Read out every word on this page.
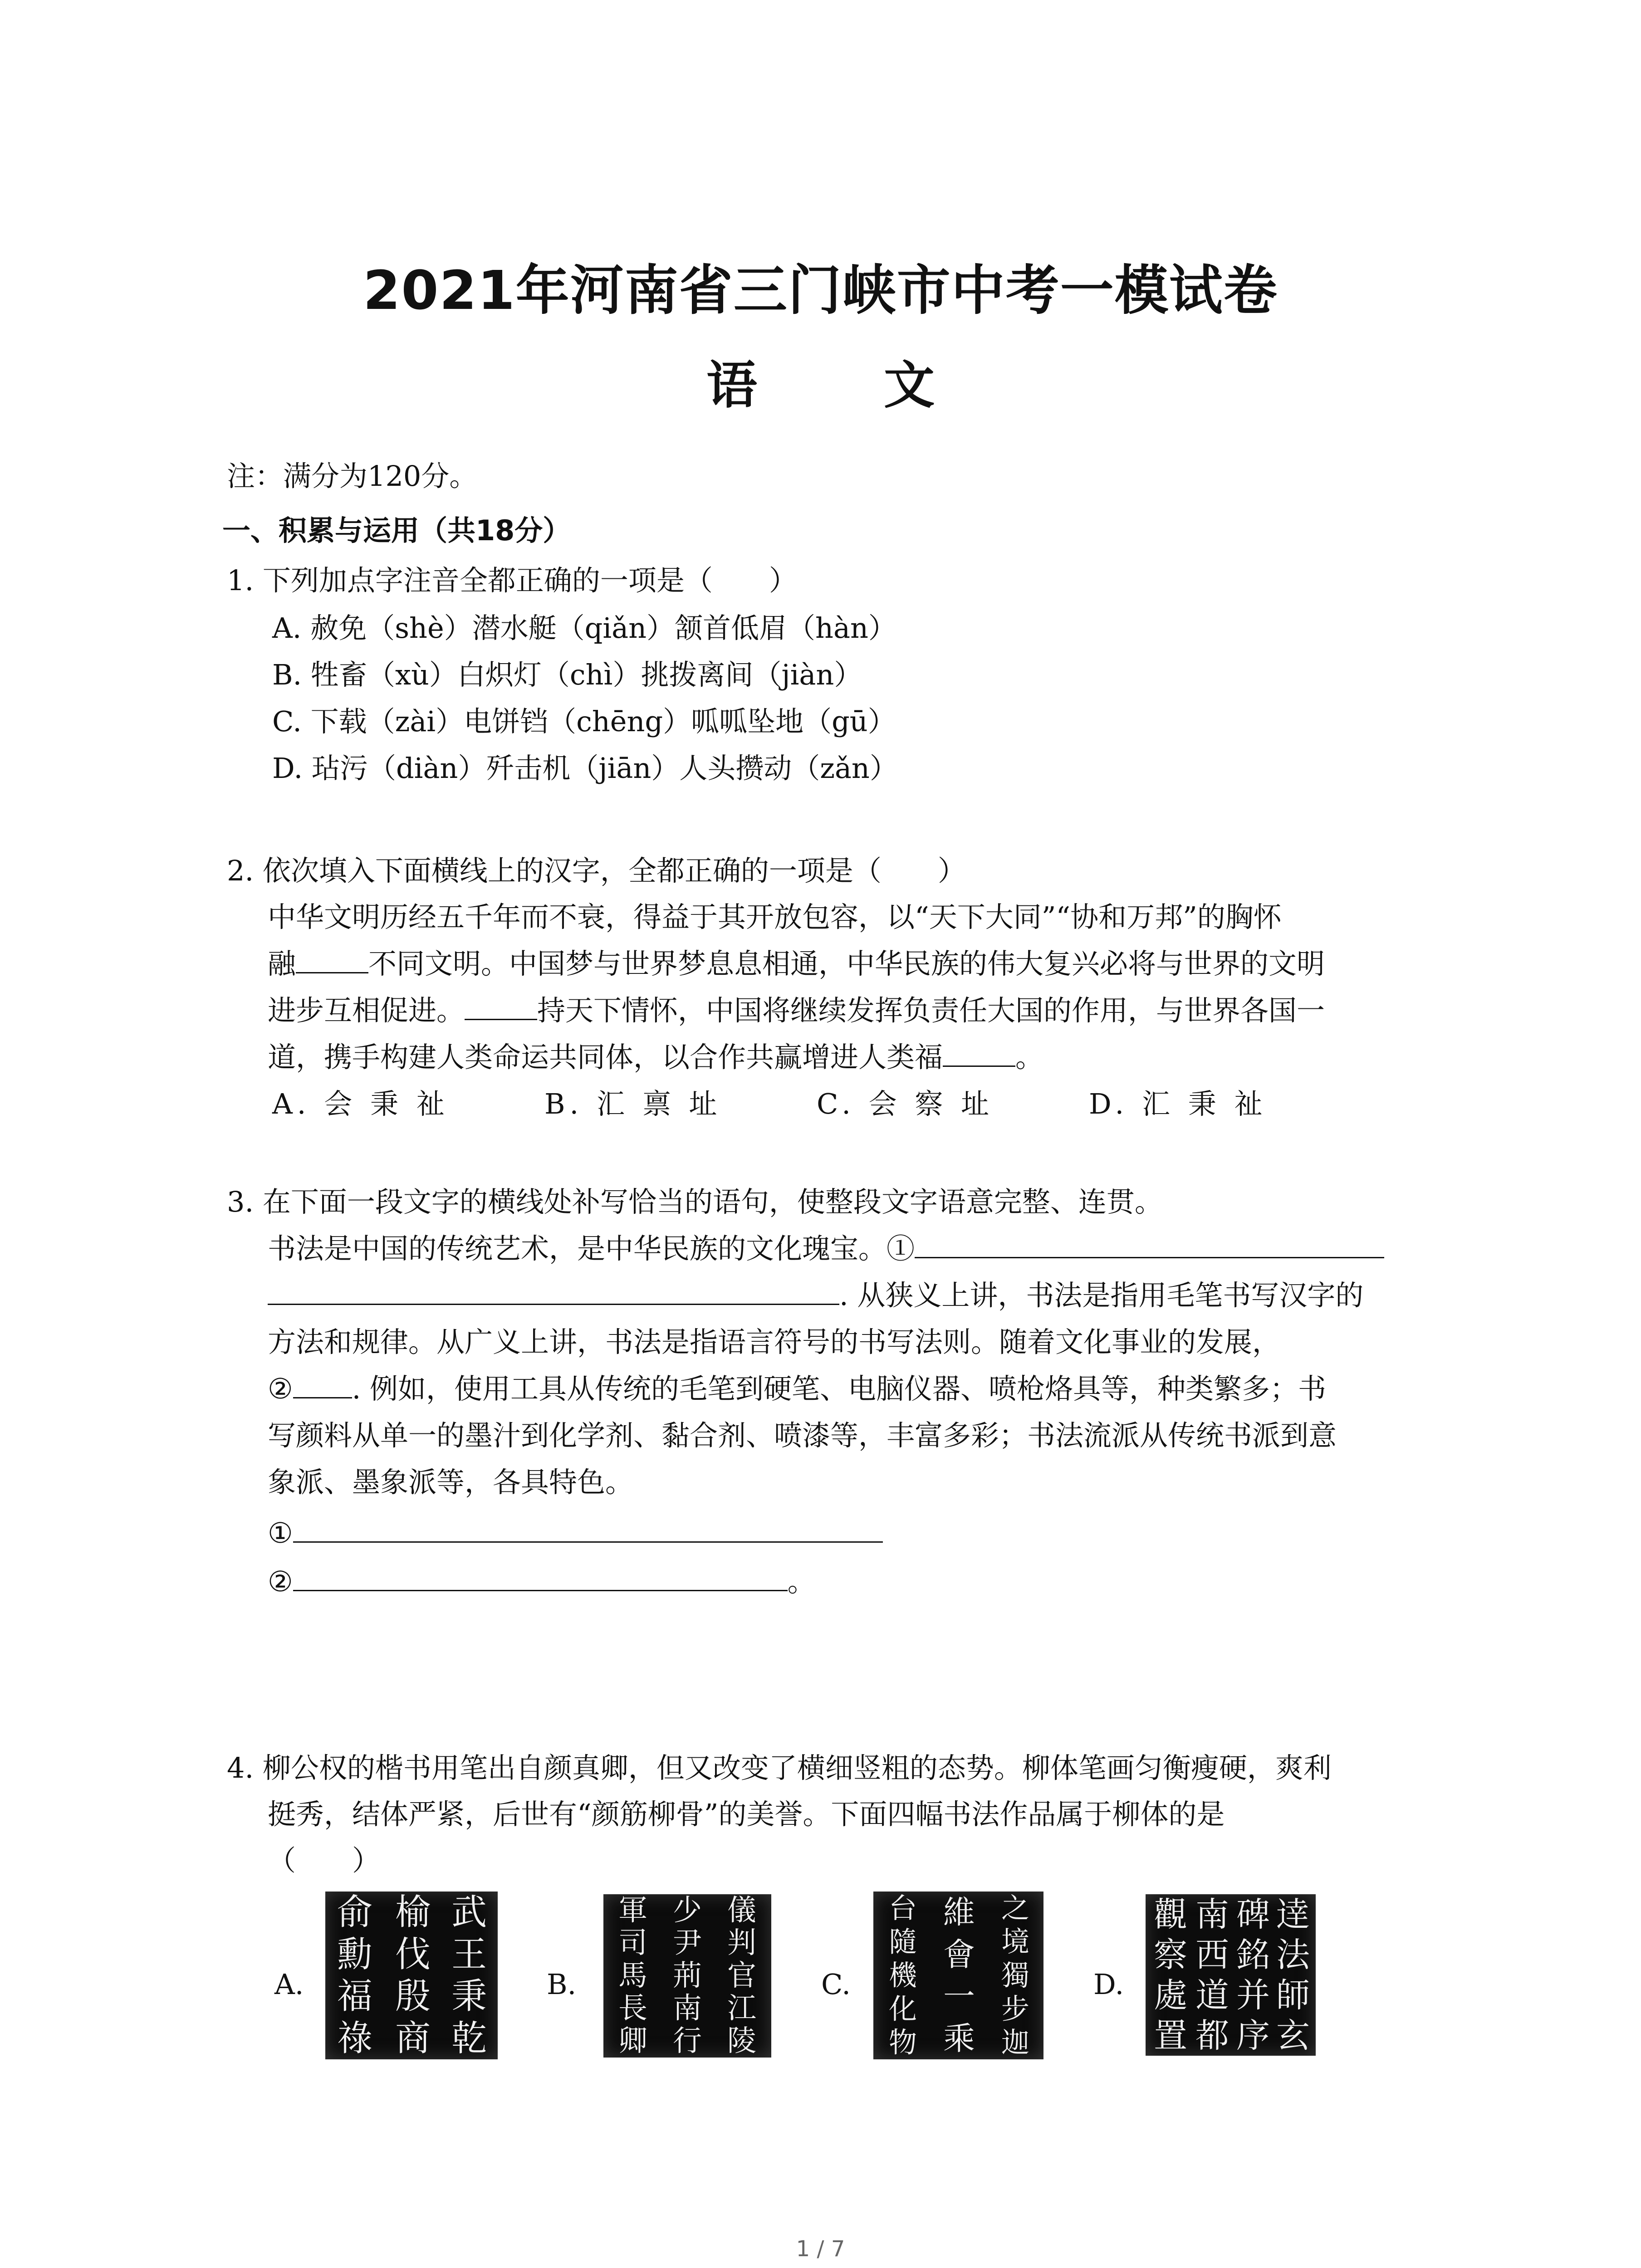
2021年河南省三门峡市中考一模试卷
语 文
注：满分为120分。
一、积累与运用（共18分）
1. 下列加点字注音全都正确的一项是（　　）
A. 赦免（shè）潜水艇（qiǎn）颔首低眉（hàn）
B. 牲畜（xù）白炽灯（chì）挑拨离间（jiàn）
C. 下载（zài）电饼铛（chēng）呱呱坠地（gū）
D. 玷污（diàn）歼击机（jiān）人头攒动（zǎn）
2. 依次填入下面横线上的汉字，全都正确的一项是（　　）
中华文明历经五千年而不衰，得益于其开放包容，以“天下大同”“协和万邦”的胸怀
融	不同文明。中国梦与世界梦息息相通，中华民族的伟大复兴必将与世界的文明
进步互相促进。	持天下情怀，中国将继续发挥负责任大国的作用，与世界各国一
道，携手构建人类命运共同体，以合作共赢增进人类福	。
A. 会 秉 祉	B. 汇 禀 址	C. 会 察 址	D. 汇 秉 祉
3. 在下面一段文字的横线处补写恰当的语句，使整段文字语意完整、连贯。
书法是中国的传统艺术，是中华民族的文化瑰宝。①
. 从狭义上讲，书法是指用毛笔书写汉字的
方法和规律。从广义上讲，书法是指语言符号的书写法则。随着文化事业的发展，
② . 例如，使用工具从传统的毛笔到硬笔、电脑仪器、喷枪烙具等，种类繁多；书
写颜料从单一的墨汁到化学剂、黏合剂、喷漆等，丰富多彩；书法流派从传统书派到意
象派、墨象派等，各具特色。
①
②	。
4. 柳公权的楷书用笔出自颜真卿，但又改变了横细竖粗的态势。柳体笔画匀衡瘦硬，爽利
挺秀，结体严紧，后世有“颜筋柳骨”的美誉。下面四幅书法作品属于柳体的是
（　　）
A.
武
王
秉
乾
榆
伐
殷
商
俞
勳
福
祿
B.
儀
判
官
江
陵
少
尹
荊
南
行
軍
司
馬
長
卿
C.
之
境
獨
步
迦
維
會
一
乘
台
隨
機
化
物
D.
逹
法
師
玄
碑
銘
并
序
南
西
道
都
觀
察
處
置
1 / 7
